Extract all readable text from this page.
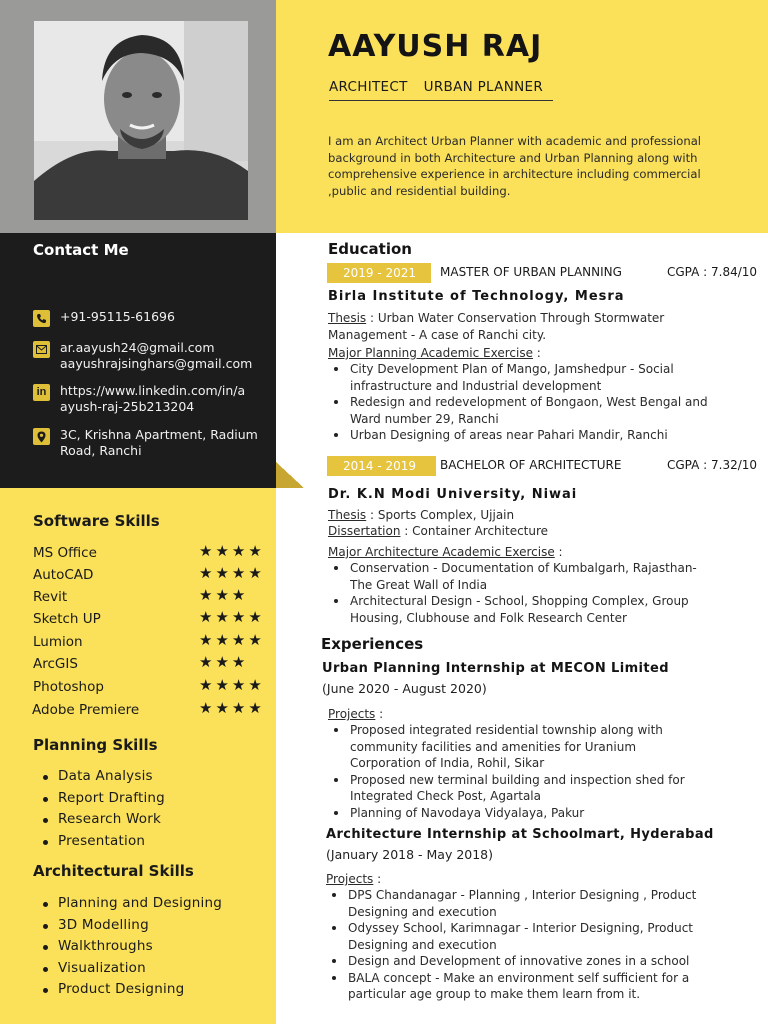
Contact Me
+91-95115-61696
ar.aayush24@gmail.com
aayushrajsinghars@gmail.com
in https://www.linkedin.com/in/a
ayush-raj-25b213204
3C, Krishna Apartment, Radium
Road, Ranchi
Software Skills
MS Office	★★★★
AutoCAD	★★★★
Revit	★★★
Sketch UP	★★★★
Lumion	★★★★
ArcGIS	★★★
Photoshop	★★★★
Adobe Premiere	★★★★
Planning Skills
Data Analysis
Report Drafting
Research Work
Presentation
Architectural Skills
Planning and Designing
3D Modelling
Walkthroughs
Visualization
Product Designing
AAYUSH RAJ
ARCHITECT URBAN PLANNER
I am an Architect Urban Planner with academic and professional background in both Architecture and Urban Planning along with comprehensive experience in architecture including commercial ,public and residential building.
Education
2019 - 2021	MASTER OF URBAN PLANNING	CGPA : 7.84/10
Birla Institute of Technology, Mesra
Thesis : Urban Water Conservation Through Stormwater
Management - A case of Ranchi city.
Major Planning Academic Exercise :
City Development Plan of Mango, Jamshedpur - Social infrastructure and Industrial development
Redesign and redevelopment of Bongaon, West Bengal and Ward number 29, Ranchi
Urban Designing of areas near Pahari Mandir, Ranchi
2014 - 2019	BACHELOR OF ARCHITECTURE	CGPA : 7.32/10
Dr. K.N Modi University, Niwai
Thesis : Sports Complex, Ujjain
Dissertation : Container Architecture
Major Architecture Academic Exercise :
Conservation - Documentation of Kumbalgarh, Rajasthan- The Great Wall of India
Architectural Design - School, Shopping Complex, Group Housing, Clubhouse and Folk Research Center
Experiences
Urban Planning Internship at MECON Limited
(June 2020 - August 2020)
Projects :
Proposed integrated residential township along with community facilities and amenities for Uranium Corporation of India, Rohil, Sikar
Proposed new terminal building and inspection shed for Integrated Check Post, Agartala
Planning of Navodaya Vidyalaya, Pakur
Architecture Internship at Schoolmart, Hyderabad
(January 2018 - May 2018)
Projects :
DPS Chandanagar - Planning , Interior Designing , Product Designing and execution
Odyssey School, Karimnagar - Interior Designing, Product Designing and execution
Design and Development of innovative zones in a school
BALA concept - Make an environment self sufficient for a particular age group to make them learn from it.
